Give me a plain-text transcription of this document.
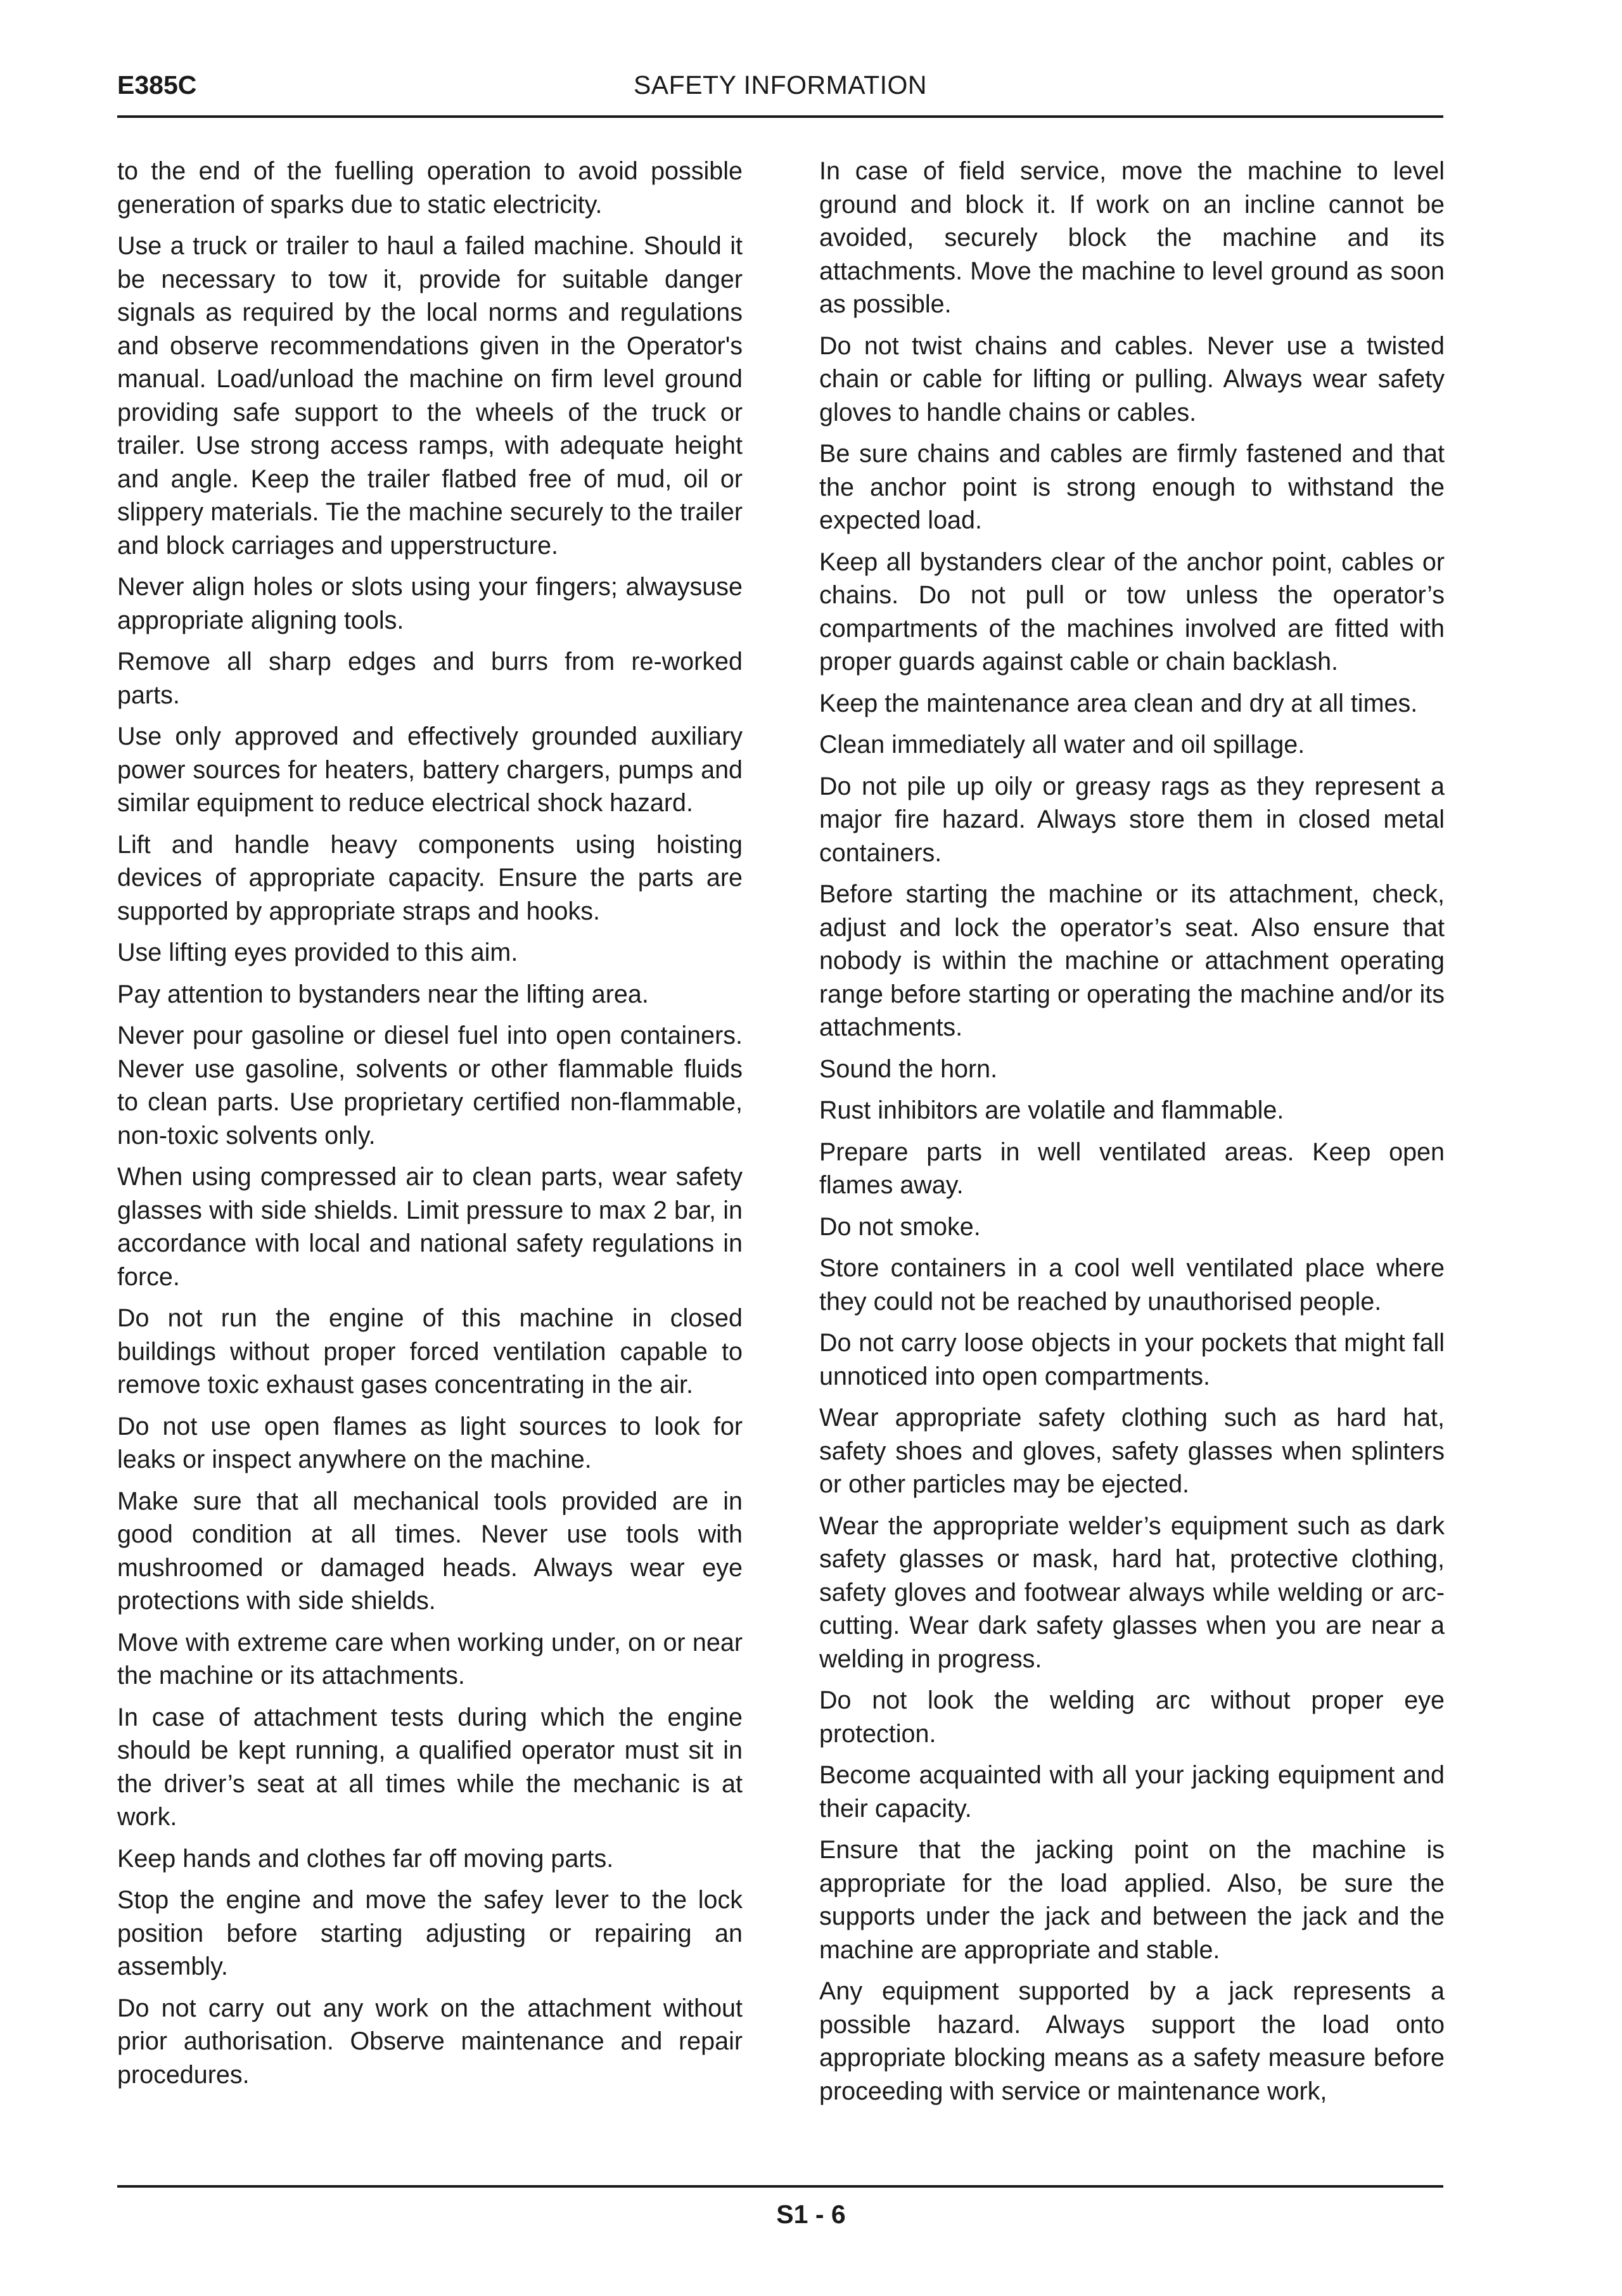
E385C	SAFETY INFORMATION

to the end of the fuelling operation to avoid possible generation of sparks due to static electricity.

Use a truck or trailer to haul a failed machine. Should it be necessary to tow it, provide for suitable danger signals as required by the local norms and regulations and observe recommendations given in the Operator's manual. Load/unload the machine on firm level ground providing safe support to the wheels of the truck or trailer. Use strong access ramps, with adequate height and angle. Keep the trailer flatbed free of mud, oil or slippery materials. Tie the machine securely to the trailer and block carriages and upperstructure.

Never align holes or slots using your fingers; alwaysuse appropriate aligning tools.

Remove all sharp edges and burrs from re-worked parts.

Use only approved and effectively grounded auxiliary power sources for heaters, battery chargers, pumps and similar equipment to reduce electrical shock hazard.

Lift and handle heavy components using hoisting devices of appropriate capacity. Ensure the parts are supported by appropriate straps and hooks.

Use lifting eyes provided to this aim.

Pay attention to bystanders near the lifting area.

Never pour gasoline or diesel fuel into open containers. Never use gasoline, solvents or other flammable fluids to clean parts. Use proprietary certified non-flammable, non-toxic solvents only.

When using compressed air to clean parts, wear safety glasses with side shields. Limit pressure to max 2 bar, in accordance with local and national safety regulations in force.

Do not run the engine of this machine in closed buildings without proper forced ventilation capable to remove toxic exhaust gases concentrating in the air.

Do not use open flames as light sources to look for leaks or inspect anywhere on the machine.

Make sure that all mechanical tools provided are in good condition at all times. Never use tools with mushroomed or damaged heads. Always wear eye protections with side shields.

Move with extreme care when working under, on or near the machine or its attachments.

In case of attachment tests during which the engine should be kept running, a qualified operator must sit in the driver’s seat at all times while the mechanic is at work.

Keep hands and clothes far off moving parts.

Stop the engine and move the safey lever to the lock position before starting adjusting or repairing an assembly.

Do not carry out any work on the attachment without prior authorisation. Observe maintenance and repair procedures.

In case of field service, move the machine to level ground and block it. If work on an incline cannot be avoided, securely block the machine and its attachments. Move the machine to level ground as soon as possible.

Do not twist chains and cables. Never use a twisted chain or cable for lifting or pulling. Always wear safety gloves to handle chains or cables.

Be sure chains and cables are firmly fastened and that the anchor point is strong enough to withstand the expected load.

Keep all bystanders clear of the anchor point, cables or chains. Do not pull or tow unless the operator’s compartments of the machines involved are fitted with proper guards against cable or chain backlash.

Keep the maintenance area clean and dry at all times.

Clean immediately all water and oil spillage.

Do not pile up oily or greasy rags as they represent a major fire hazard. Always store them in closed metal containers.

Before starting the machine or its attachment, check, adjust and lock the operator’s seat. Also ensure that nobody is within the machine or attachment operating range before starting or operating the machine and/or its attachments.

Sound the horn.

Rust inhibitors are volatile and flammable.

Prepare parts in well ventilated areas. Keep open flames away.

Do not smoke.

Store containers in a cool well ventilated place where they could not be reached by unauthorised people.

Do not carry loose objects in your pockets that might fall unnoticed into open compartments.

Wear appropriate safety clothing such as hard hat, safety shoes and gloves, safety glasses when splinters or other particles may be ejected.

Wear the appropriate welder’s equipment such as dark safety glasses or mask, hard hat, protective clothing, safety gloves and footwear always while welding or arc-cutting. Wear dark safety glasses when you are near a welding in progress.

Do not look the welding arc without proper eye protection.

Become acquainted with all your jacking equipment and their capacity.

Ensure that the jacking point on the machine is appropriate for the load applied. Also, be sure the supports under the jack and between the jack and the machine are appropriate and stable.

Any equipment supported by a jack represents a possible hazard. Always support the load onto appropriate blocking means as a safety measure before proceeding with service or maintenance work,

S1 - 6
